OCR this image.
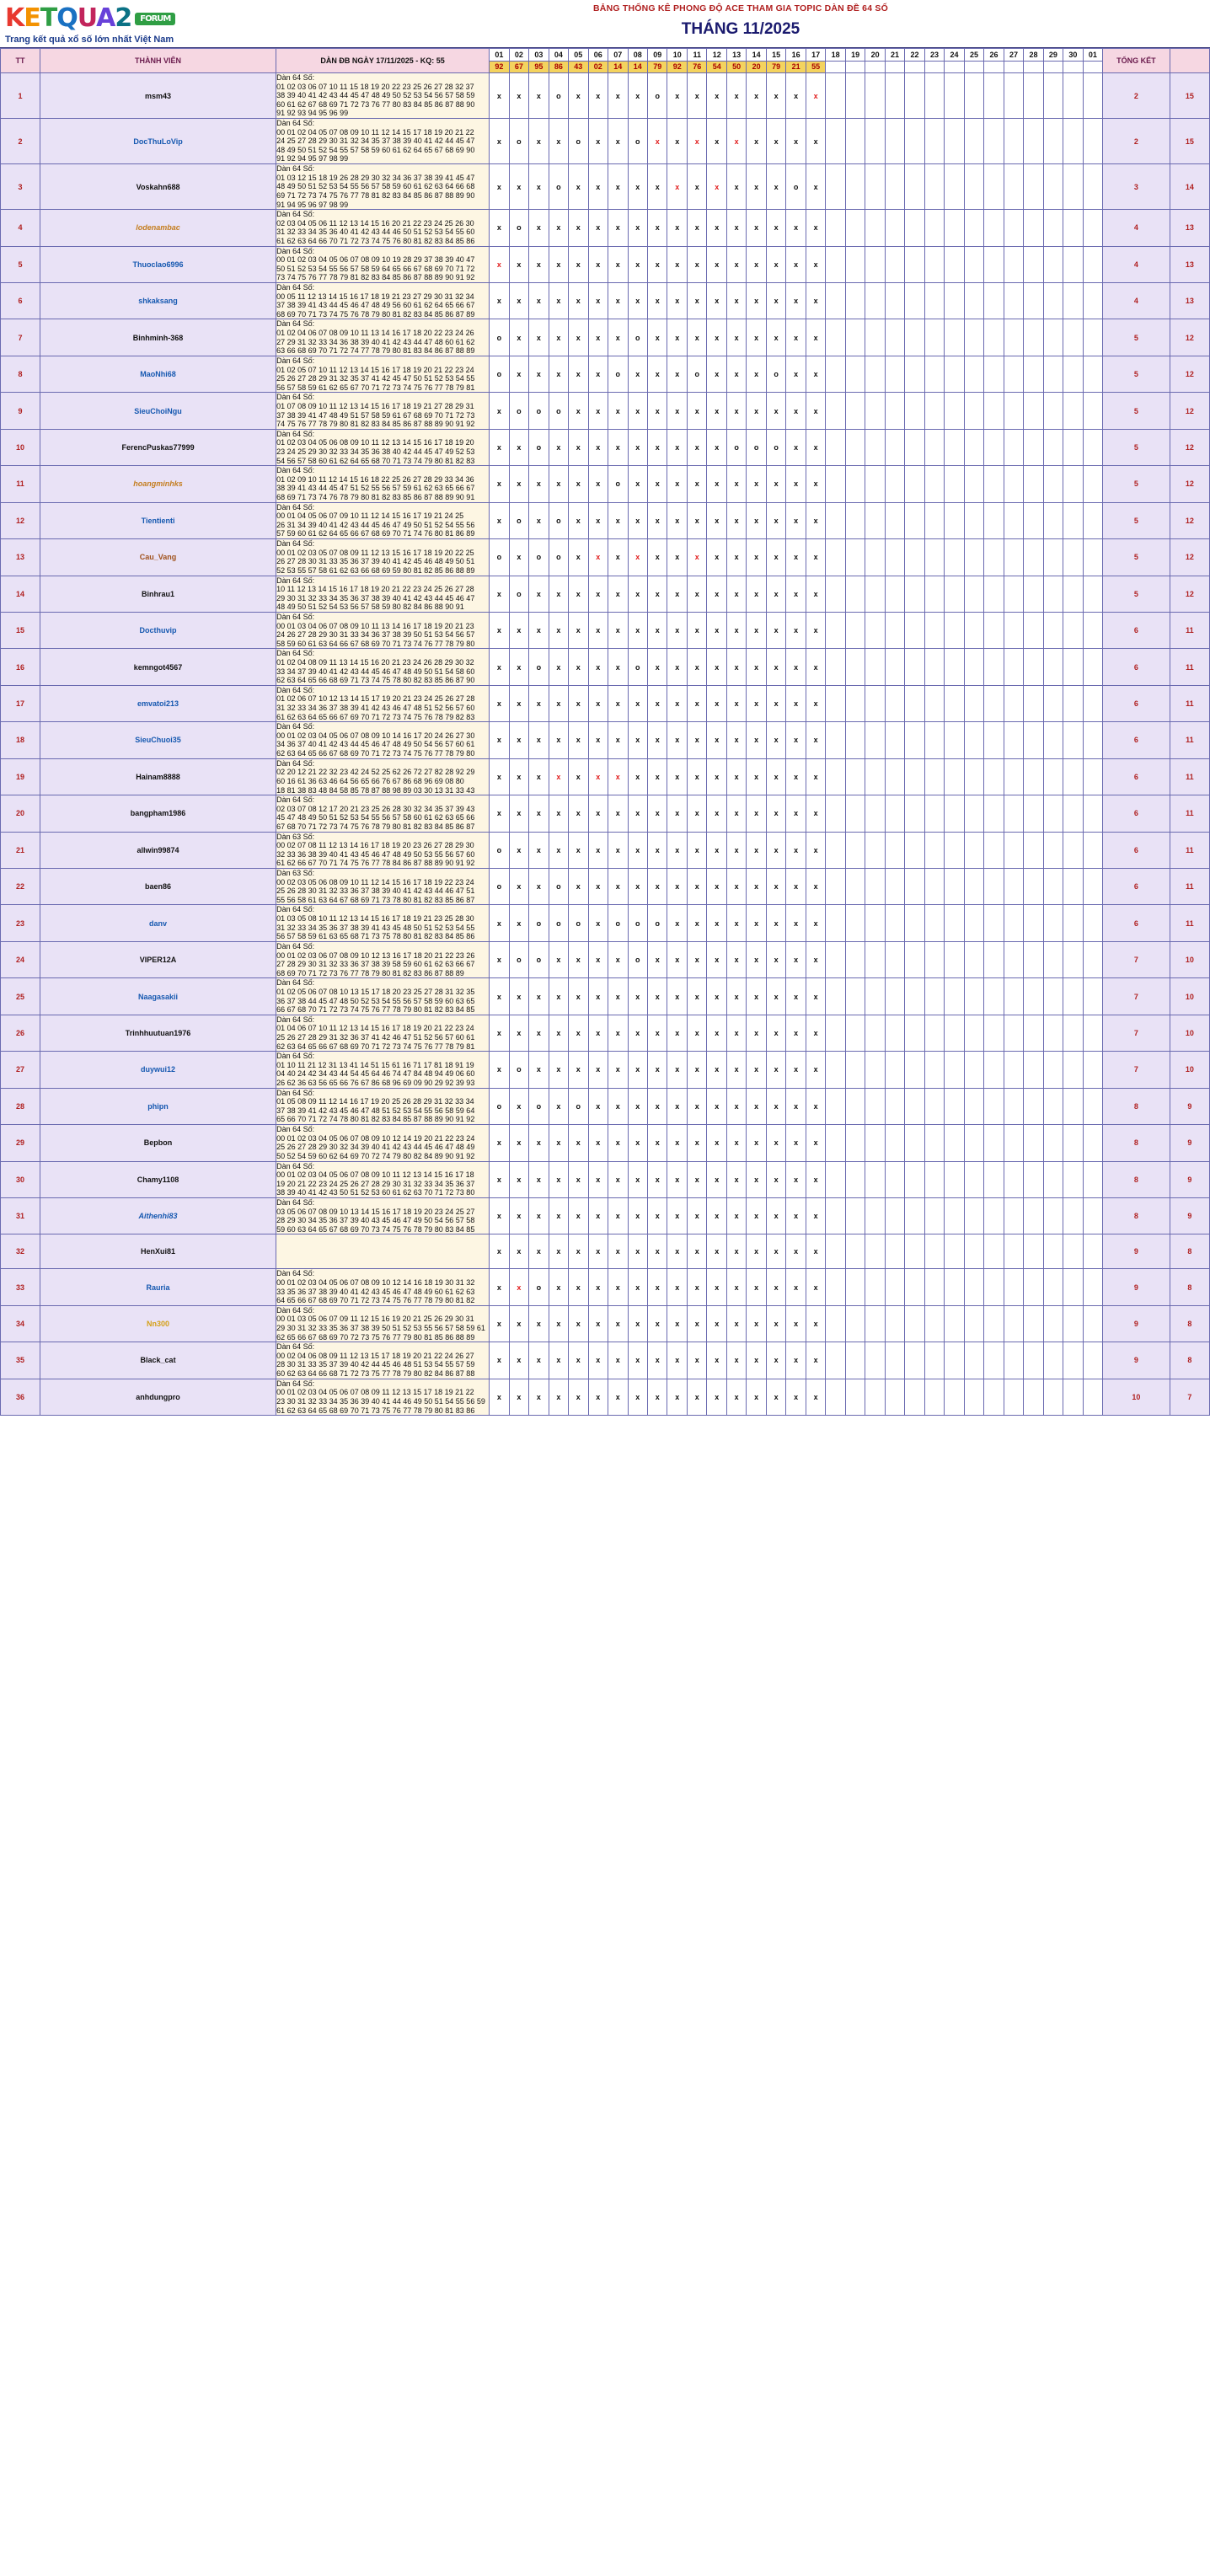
KETQUA2 FORUM
Trang kết quả xổ số lớn nhất Việt Nam
BẢNG THỐNG KÊ PHONG ĐỘ ACE THAM GIA TOPIC DÀN ĐỀ 64 SỐ
THÁNG 11/2025
TT	THÀNH VIÊN	DÀN ĐB NGÀY 17/11/2025 - KQ: 55	01	02	03	04	05	06	07	08	09	10	11	12	13	14	15	16	17	18	19	20	21	22	23	24	25	26	27	28	29	30	01	TỔNG KẾT	
			92	67	95	86	43	02	14	14	79	92	76	54	50	20	79	21	55																
1	msm43	Dàn 64 Số:
01 02 03 06 07 10 11 15 18 19 20 22 23 25 26 27 28 32 37
38 39 40 41 42 43 44 45 47 48 49 50 52 53 54 56 57 58 59
60 61 62 67 68 69 71 72 73 76 77 80 83 84 85 86 87 88 90
91 92 93 94 95 96 99	x	x	x	o	x	x	x	x	o	x	x	x	x	x	x	x	x															2	15
2	DocThuLoVip	Dàn 64 Số:
00 01 02 04 05 07 08 09 10 11 12 14 15 17 18 19 20 21 22
24 25 27 28 29 30 31 32 34 35 37 38 39 40 41 42 44 45 47
48 49 50 51 52 54 55 57 58 59 60 61 62 64 65 67 68 69 90
91 92 94 95 97 98 99	x	o	x	x	o	x	x	o	x	x	x	x	x	x	x	x	x															2	15
3	Voskahn688	Dàn 64 Số:
01 03 12 15 18 19 26 28 29 30 32 34 36 37 38 39 41 45 47
48 49 50 51 52 53 54 55 56 57 58 59 60 61 62 63 64 66 68
69 71 72 73 74 75 76 77 78 81 82 83 84 85 86 87 88 89 90
91 94 95 96 97 98 99	x	x	x	o	x	x	x	x	x	x	x	x	x	x	x	o	x															3	14
4	lodenambac	Dàn 64 Số:
02 03 04 05 06 11 12 13 14 15 16 20 21 22 23 24 25 26 30
31 32 33 34 35 36 40 41 42 43 44 46 50 51 52 53 54 55 60
61 62 63 64 66 70 71 72 73 74 75 76 80 81 82 83 84 85 86	x	o	x	x	x	x	x	x	x	x	x	x	x	x	x	x	x															4	13
5	Thuoclao6996	Dàn 64 Số:
00 01 02 03 04 05 06 07 08 09 10 19 28 29 37 38 39 40 47
50 51 52 53 54 55 56 57 58 59 64 65 66 67 68 69 70 71 72
73 74 75 76 77 78 79 81 82 83 84 85 86 87 88 89 90 91 92	x	x	x	x	x	x	x	x	x	x	x	x	x	x	x	x	x															4	13
6	shkaksang	Dàn 64 Số:
00 05 11 12 13 14 15 16 17 18 19 21 23 27 29 30 31 32 34
37 38 39 41 43 44 45 46 47 48 49 56 60 61 62 64 65 66 67
68 69 70 71 73 74 75 76 78 79 80 81 82 83 84 85 86 87 89	x	x	x	x	x	x	x	x	x	x	x	x	x	x	x	x	x															4	13
7	Binhminh-368	Dàn 64 Số:
01 02 04 06 07 08 09 10 11 13 14 16 17 18 20 22 23 24 26
27 29 31 32 33 34 36 38 39 40 41 42 43 44 47 48 60 61 62
63 66 68 69 70 71 72 74 77 78 79 80 81 83 84 86 87 88 89	o	x	x	x	x	x	x	o	x	x	x	x	x	x	x	x	x															5	12
8	MaoNhi68	Dàn 64 Số:
01 02 05 07 10 11 12 13 14 15 16 17 18 19 20 21 22 23 24
25 26 27 28 29 31 32 35 37 41 42 45 47 50 51 52 53 54 55
56 57 58 59 61 62 65 67 70 71 72 73 74 75 76 77 78 79 81	o	x	x	x	x	x	o	x	x	x	o	x	x	x	o	x	x															5	12
9	SieuChoiNgu	Dàn 64 Số:
01 07 08 09 10 11 12 13 14 15 16 17 18 19 21 27 28 29 31
37 38 39 41 47 48 49 51 57 58 59 61 67 68 69 70 71 72 73
74 75 76 77 78 79 80 81 82 83 84 85 86 87 88 89 90 91 92	x	o	o	o	x	x	x	x	x	x	x	x	x	x	x	x	x															5	12
10	FerencPuskas77999	Dàn 64 Số:
01 02 03 04 05 06 08 09 10 11 12 13 14 15 16 17 18 19 20
23 24 25 29 30 32 33 34 35 36 38 40 42 44 45 47 49 52 53
54 56 57 58 60 61 62 64 65 68 70 71 73 74 79 80 81 82 83	x	x	o	x	x	x	x	x	x	x	x	x	o	o	o	x	x															5	12
11	hoangminhks	Dàn 64 Số:
01 02 09 10 11 12 14 15 16 18 22 25 26 27 28 29 33 34 36
38 39 41 43 44 45 47 51 52 55 56 57 59 61 62 63 65 66 67
68 69 71 73 74 76 78 79 80 81 82 83 85 86 87 88 89 90 91	x	x	x	x	x	x	o	x	x	x	x	x	x	x	x	x	x															5	12
12	Tientienti	Dàn 64 Số:
00 01 04 05 06 07 09 10 11 12 14 15 16 17 19 21 24 25
26 31 34 39 40 41 42 43 44 45 46 47 49 50 51 52 54 55 56
57 59 60 61 62 64 65 66 67 68 69 70 71 74 76 80 81 86 89	x	o	x	o	x	x	x	x	x	x	x	x	x	x	x	x	x															5	12
13	Cau_Vang	Dàn 64 Số:
00 01 02 03 05 07 08 09 11 12 13 15 16 17 18 19 20 22 25
26 27 28 30 31 33 35 36 37 39 40 41 42 45 46 48 49 50 51
52 53 55 57 58 61 62 63 66 68 69 59 80 81 82 85 86 88 89	o	x	o	o	x	x	x	x	x	x	x	x	x	x	x	x	x															5	12
14	Binhrau1	Dàn 64 Số:
10 11 12 13 14 15 16 17 18 19 20 21 22 23 24 25 26 27 28
29 30 31 32 33 34 35 36 37 38 39 40 41 42 43 44 45 46 47
48 49 50 51 52 54 53 56 57 58 59 80 82 84 86 88 90 91	x	o	x	x	x	x	x	x	x	x	x	x	x	x	x	x	x															5	12
15	Docthuvip	Dàn 64 Số:
00 01 03 04 06 07 08 09 10 11 13 14 16 17 18 19 20 21 23
24 26 27 28 29 30 31 33 34 36 37 38 39 50 51 53 54 56 57
58 59 60 61 63 64 66 67 68 69 70 71 73 74 76 77 78 79 80	x	x	x	x	x	x	x	x	x	x	x	x	x	x	x	x	x															6	11
16	kemngot4567	Dàn 64 Số:
01 02 04 08 09 11 13 14 15 16 20 21 23 24 26 28 29 30 32
33 34 37 39 40 41 42 43 44 45 46 47 48 49 50 51 54 58 60
62 63 64 65 66 68 69 71 73 74 75 78 80 82 83 85 86 87 90	x	x	o	x	x	x	x	o	x	x	x	x	x	x	x	x	x															6	11
17	emvatoi213	Dàn 64 Số:
01 02 06 07 10 12 13 14 15 17 19 20 21 23 24 25 26 27 28
31 32 33 34 36 37 38 39 41 42 43 46 47 48 51 52 56 57 60
61 62 63 64 65 66 67 69 70 71 72 73 74 75 76 78 79 82 83	x	x	x	x	x	x	x	x	x	x	x	x	x	x	x	x	x															6	11
18	SieuChuoi35	Dàn 64 Số:
00 01 02 03 04 05 06 07 08 09 10 14 16 17 20 24 26 27 30
34 36 37 40 41 42 43 44 45 46 47 48 49 50 54 56 57 60 61
62 63 64 65 66 67 68 69 70 71 72 73 74 75 76 77 78 79 80	x	x	x	x	x	x	x	x	x	x	x	x	x	x	x	x	x															6	11
19	Hainam8888	Dàn 64 Số:
02 20 12 21 22 32 23 42 24 52 25 62 26 72 27 82 28 92 29
60 16 61 36 63 46 64 56 65 66 76 67 86 68 96 69 08 80
18 81 38 83 48 84 58 85 78 87 88 98 89 03 30 13 31 33 43	x	x	x	x	x	x	x	x	x	x	x	x	x	x	x	x	x															6	11
20	bangpham1986	Dàn 64 Số:
02 03 07 08 12 17 20 21 23 25 26 28 30 32 34 35 37 39 43
45 47 48 49 50 51 52 53 54 55 56 57 58 60 61 62 63 65 66
67 68 70 71 72 73 74 75 76 78 79 80 81 82 83 84 85 86 87	x	x	x	x	x	x	x	x	x	x	x	x	x	x	x	x	x															6	11
21	allwin99874	Dàn 63 Số:
00 02 07 08 11 12 13 14 16 17 18 19 20 23 26 27 28 29 30
32 33 36 38 39 40 41 43 45 46 47 48 49 50 53 55 56 57 60
61 62 66 67 70 71 74 75 76 77 78 84 86 87 88 89 90 91 92	o	x	x	x	x	x	x	x	x	x	x	x	x	x	x	x	x															6	11
22	baen86	Dàn 63 Số:
00 02 03 05 06 08 09 10 11 12 14 15 16 17 18 19 22 23 24
25 26 28 30 31 32 33 36 37 38 39 40 41 42 43 44 46 47 51
55 56 58 61 63 64 67 68 69 71 73 78 80 81 82 83 85 86 87	o	x	x	o	x	x	x	x	x	x	x	x	x	x	x	x	x															6	11
23	danv	Dàn 64 Số:
01 03 05 08 10 11 12 13 14 15 16 17 18 19 21 23 25 28 30
31 32 33 34 35 36 37 38 39 41 43 45 48 50 51 52 53 54 55
56 57 58 59 61 63 65 68 71 73 75 78 80 81 82 83 84 85 86	x	x	o	o	o	x	o	o	o	x	x	x	x	x	x	x	x															6	11
24	VIPER12A	Dàn 64 Số:
00 01 02 03 06 07 08 09 10 12 13 16 17 18 20 21 22 23 26
27 28 29 30 31 32 33 36 37 38 39 58 59 60 61 62 63 66 67
68 69 70 71 72 73 76 77 78 79 80 81 82 83 86 87 88 89	x	o	o	x	x	x	x	o	x	x	x	x	x	x	x	x	x															7	10
25	Naagasakii	Dàn 64 Số:
01 02 05 06 07 08 10 13 15 17 18 20 23 25 27 28 31 32 35
36 37 38 44 45 47 48 50 52 53 54 55 56 57 58 59 60 63 65
66 67 68 70 71 72 73 74 75 76 77 78 79 80 81 82 83 84 85	x	x	x	x	x	x	x	x	x	x	x	x	x	x	x	x	x															7	10
26	Trinhhuutuan1976	Dàn 64 Số:
01 04 06 07 10 11 12 13 14 15 16 17 18 19 20 21 22 23 24
25 26 27 28 29 31 32 36 37 41 42 46 47 51 52 56 57 60 61
62 63 64 65 66 67 68 69 70 71 72 73 74 75 76 77 78 79 81	x	x	x	x	x	x	x	x	x	x	x	x	x	x	x	x	x															7	10
27	duywui12	Dàn 64 Số:
01 10 11 21 12 31 13 41 14 51 15 61 16 71 17 81 18 91 19
04 40 24 42 34 43 44 54 45 64 46 74 47 84 48 94 49 06 60
26 62 36 63 56 65 66 76 67 86 68 96 69 09 90 29 92 39 93	x	o	x	x	x	x	x	x	x	x	x	x	x	x	x	x	x															7	10
28	phipn	Dàn 64 Số:
01 05 08 09 11 12 14 16 17 19 20 25 26 28 29 31 32 33 34
37 38 39 41 42 43 45 46 47 48 51 52 53 54 55 56 58 59 64
65 66 70 71 72 74 78 80 81 82 83 84 85 87 88 89 90 91 92	o	x	o	x	o	x	x	x	x	x	x	x	x	x	x	x	x															8	9
29	Bepbon	Dàn 64 Số:
00 01 02 03 04 05 06 07 08 09 10 12 14 19 20 21 22 23 24
25 26 27 28 29 30 32 34 39 40 41 42 43 44 45 46 47 48 49
50 52 54 59 60 62 64 69 70 72 74 79 80 82 84 89 90 91 92	x	x	x	x	x	x	x	x	x	x	x	x	x	x	x	x	x															8	9
30	Chamy1108	Dàn 64 Số:
00 01 02 03 04 05 06 07 08 09 10 11 12 13 14 15 16 17 18
19 20 21 22 23 24 25 26 27 28 29 30 31 32 33 34 35 36 37
38 39 40 41 42 43 50 51 52 53 60 61 62 63 70 71 72 73 80	x	x	x	x	x	x	x	x	x	x	x	x	x	x	x	x	x															8	9
31	Aithenhi83	Dàn 64 Số:
03 05 06 07 08 09 10 13 14 15 16 17 18 19 20 23 24 25 27
28 29 30 34 35 36 37 39 40 43 45 46 47 49 50 54 56 57 58
59 60 63 64 65 67 68 69 70 73 74 75 76 78 79 80 83 84 85	x	x	x	x	x	x	x	x	x	x	x	x	x	x	x	x	x															8	9
32	HenXui81		x	x	x	x	x	x	x	x	x	x	x	x	x	x	x	x	x															9	8
33	Rauria	Dàn 64 Số:
00 01 02 03 04 05 06 07 08 09 10 12 14 16 18 19 30 31 32
33 35 36 37 38 39 40 41 42 43 45 46 47 48 49 60 61 62 63
64 65 66 67 68 69 70 71 72 73 74 75 76 77 78 79 80 81 82	x	x	o	x	x	x	x	x	x	x	x	x	x	x	x	x	x															9	8
34	Nn300	Dàn 64 Số:
00 01 03 05 06 07 09 11 12 15 16 19 20 21 25 26 29 30 31
29 30 31 32 33 35 36 37 38 39 50 51 52 53 55 56 57 58 59 61
62 65 66 67 68 69 70 72 73 75 76 77 79 80 81 85 86 88 89	x	x	x	x	x	x	x	x	x	x	x	x	x	x	x	x	x															9	8
35	Black_cat	Dàn 64 Số:
00 02 04 06 08 09 11 12 13 15 17 18 19 20 21 22 24 26 27
28 30 31 33 35 37 39 40 42 44 45 46 48 51 53 54 55 57 59
60 62 63 64 66 68 71 72 73 75 77 78 79 80 82 84 86 87 88	x	x	x	x	x	x	x	x	x	x	x	x	x	x	x	x	x															9	8
36	anhdungpro	Dàn 64 Số:
00 01 02 03 04 05 06 07 08 09 11 12 13 15 17 18 19 21 22
23 30 31 32 33 34 35 36 39 40 41 44 46 49 50 51 54 55 56 59
61 62 63 64 65 68 69 70 71 73 75 76 77 78 79 80 81 83 86	x	x	x	x	x	x	x	x	x	x	x	x	x	x	x	x	x															10	7
